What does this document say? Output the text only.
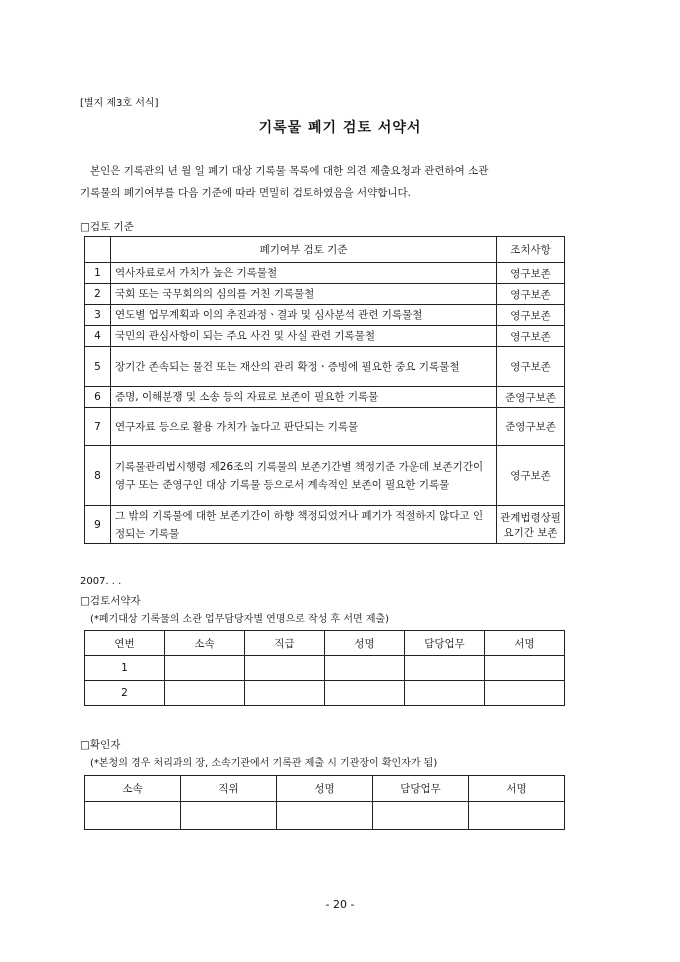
[별지 제3호 서식]
기록물 폐기 검토 서약서

본인은 기록관의 년 월 일 폐기 대상 기록물 목록에 대한 의견 제출요청과 관련하여 소관

기록물의 폐기여부를 다음 기준에 따라 면밀히 검토하였음을 서약합니다.
□검토 기준
	폐기여부 검토 기준	조치사항
1	역사자료로서 가치가 높은 기록물철	영구보존
2	국회 또는 국무회의의 심의를 거친 기록물철	영구보존
3	연도별 업무계획과 이의 추진과정ㆍ결과 및 심사분석 관련 기록물철	영구보존
4	국민의 관심사항이 되는 주요 사건 및 사실 관련 기록물철	영구보존
5	장기간 존속되는 물건 또는 재산의 관리 확정ㆍ증빙에 필요한 중요 기록물철	영구보존
6	증명, 이해분쟁 및 소송 등의 자료로 보존이 필요한 기록물	준영구보존
7	연구자료 등으로 활용 가치가 높다고 판단되는 기록물	준영구보존
8	기록물관리법시행령 제26조의 기록물의 보존기간별 책정기준 가운데 보존기간이 영구 또는 준영구인 대상 기록물 등으로서 계속적인 보존이 필요한 기록물	영구보존
9	그 밖의 기록물에 대한 보존기간이 하향 책정되었거나 폐기가 적절하지 않다고 인정되는 기록물	관계법령상필요기간 보존
2007. . .
□검토서약자
(*폐기대상 기록물의 소관 업무담당자별 연명으로 작성 후 서면 제출)
연번	소속	직급	성명	담당업무	서명
1					
2					
□확인자
(*본청의 경우 처리과의 장, 소속기관에서 기록관 제출 시 기관장이 확인자가 됨)
소속	직위	성명	담당업무	서명

- 20 -
